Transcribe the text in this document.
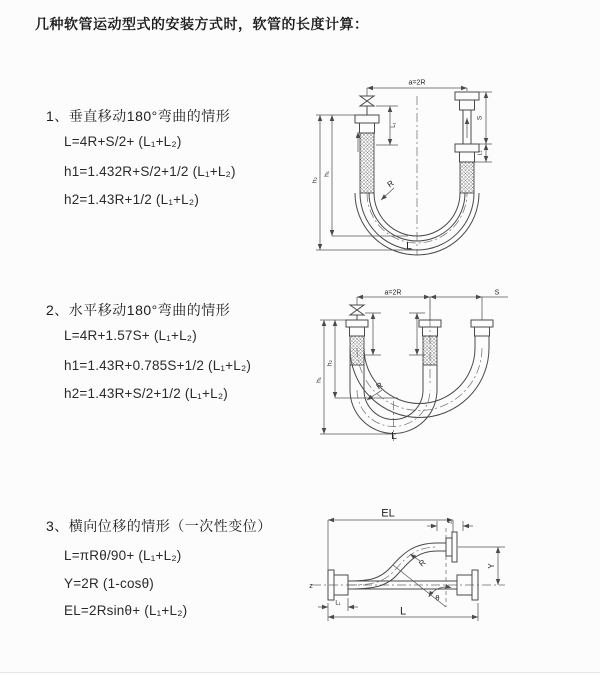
几种软管运动型式的安装方式时，软管的长度计算：
1、垂直移动180°弯曲的情形
L=4R+S/2+ (L₁+L₂)
h1=1.432R+S/2+1/2 (L₁+L₂)
h2=1.43R+1/2 (L₁+L₂)
2、水平移动180°弯曲的情形
L=4R+1.57S+ (L₁+L₂)
h1=1.43R+0.785S+1/2 (L₁+L₂)
h2=1.43R+S/2+1/2 (L₁+L₂)
3、横向位移的情形（一次性变位）
L=πRθ/90+ (L₁+L₂)
Y=2R (1-cosθ)
EL=2Rsinθ+ (L₁+L₂)
a=2R
h₂
h₁
L₁
S
L₁
R
L
a=2R	S
h₁
h₂
R
L
EL
L₁
L₁
Y
R
θ
L
z
